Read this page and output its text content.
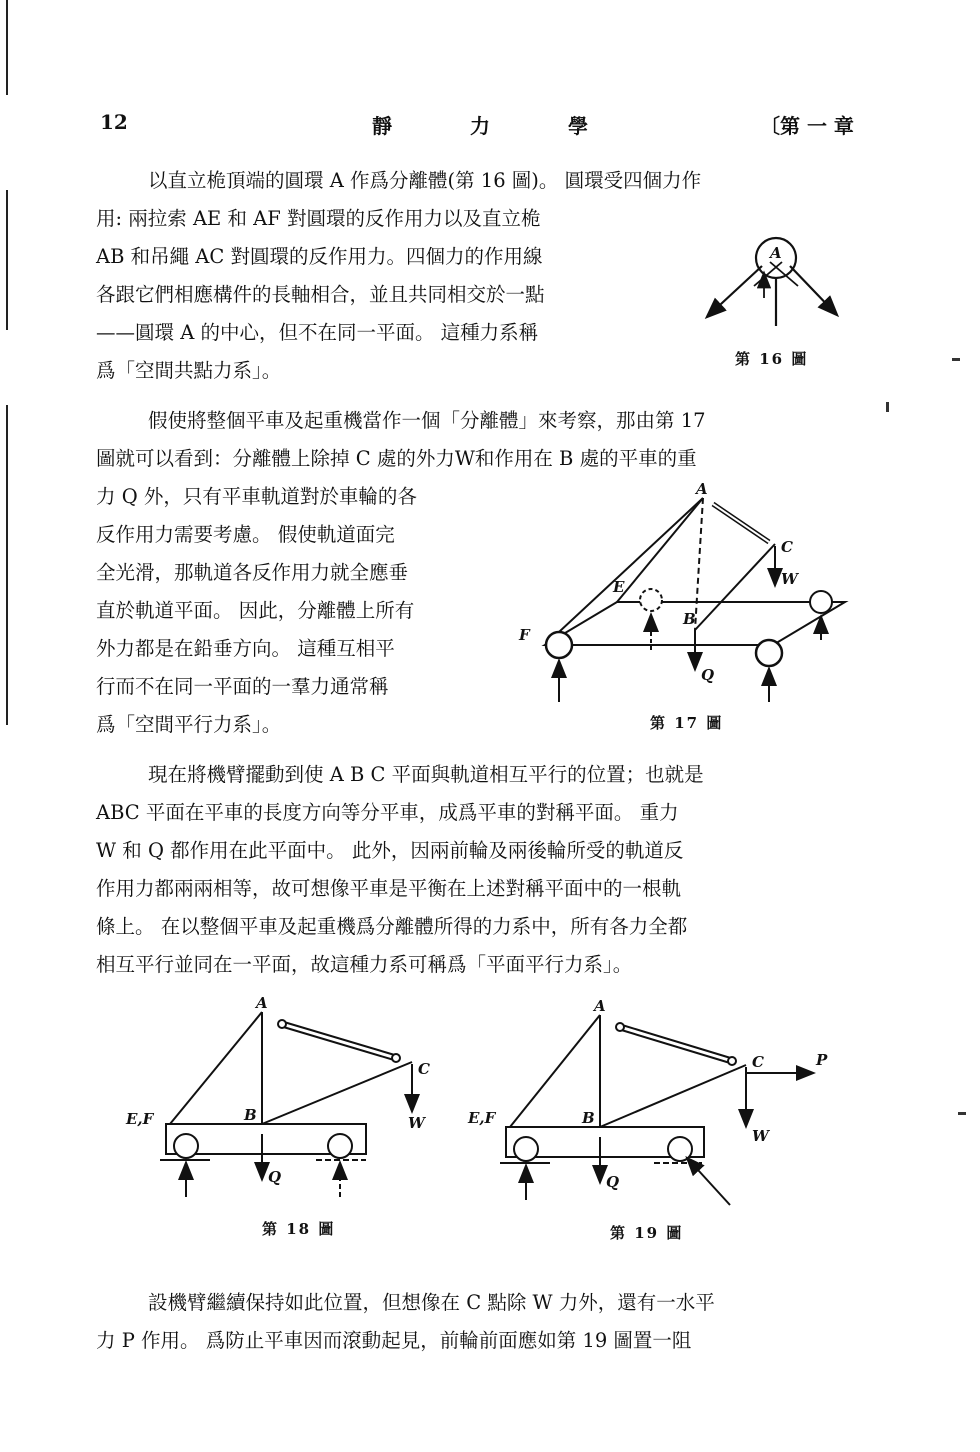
12	靜	力	學	〔第 一 章
以直立桅頂端的圓環 A 作爲分離體(第 16 圖)。 圓環受四個力作
用: 兩拉索 AE 和 AF 對圓環的反作用力以及直立桅
AB 和吊繩 AC 對圓環的反作用力。四個力的作用線
各跟它們相應構件的長軸相合，並且共同相交於一點
——圓環 A 的中心，但不在同一平面。 這種力系稱
爲「空間共點力系」。
A
第 16 圖
假使將整個平車及起重機當作一個「分離體」來考察，那由第 17
圖就可以看到：分離體上除掉 C 處的外力W和作用在 B 處的平車的重
力 Q 外，只有平車軌道對於車輪的各
反作用力需要考慮。 假使軌道面完
全光滑，那軌道各反作用力就全應垂
直於軌道平面。 因此，分離體上所有
外力都是在鉛垂方向。 這種互相平
行而不在同一平面的一羣力通常稱
爲「空間平行力系」。
A
C
W
E
B
F
Q
第 17 圖
現在將機臂擺動到使 A B C 平面與軌道相互平行的位置；也就是
ABC 平面在平車的長度方向等分平車，成爲平車的對稱平面。 重力
W 和 Q 都作用在此平面中。 此外，因兩前輪及兩後輪所受的軌道反
作用力都兩兩相等，故可想像平車是平衡在上述對稱平面中的一根軌
條上。 在以整個平車及起重機爲分離體所得的力系中，所有各力全都
相互平行並同在一平面，故這種力系可稱爲「平面平行力系」。
A
C
W
E,F	B
Q
第 18 圖
A
C	P
W
E,F	B
Q
第 19 圖
設機臂繼續保持如此位置，但想像在 C 點除 W 力外，還有一水平
力 P 作用。 爲防止平車因而滾動起見，前輪前面應如第 19 圖置一阻
